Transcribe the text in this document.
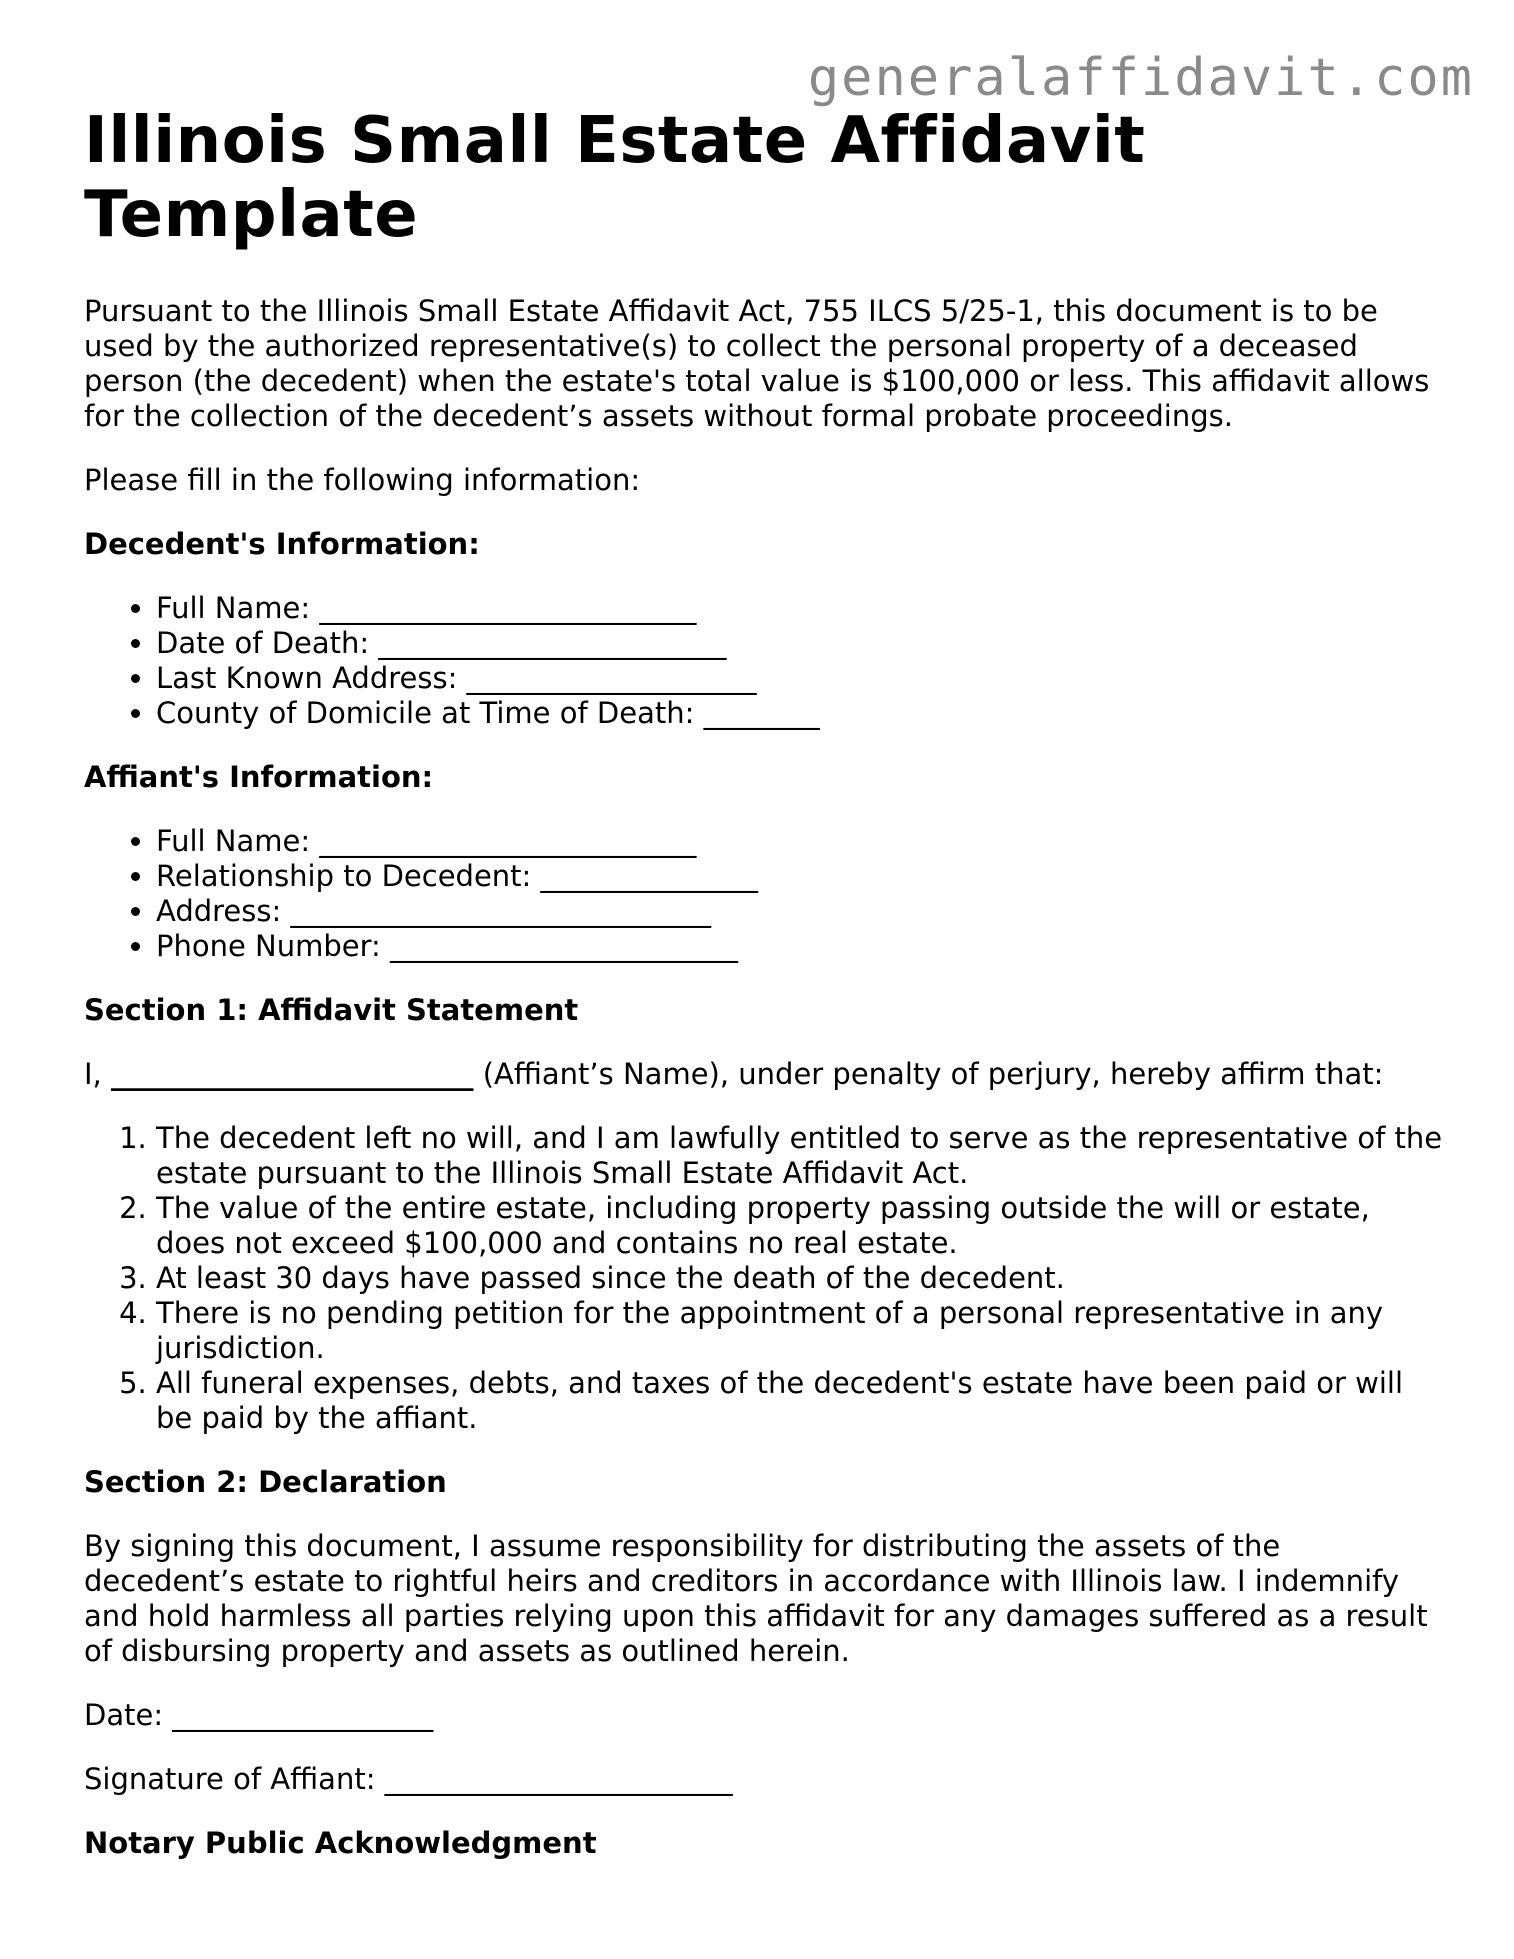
generalaffidavit.com
Illinois Small Estate Affidavit Template

Pursuant to the Illinois Small Estate Affidavit Act, 755 ILCS 5/25-1, this document is to be used by the authorized representative(s) to collect the personal property of a deceased person (the decedent) when the estate's total value is $100,000 or less. This affidavit allows for the collection of the decedent’s assets without formal probate proceedings.

Please fill in the following information:

Decedent's Information:
• Full Name: __________________________
• Date of Death: ________________________
• Last Known Address: ____________________
• County of Domicile at Time of Death: ________
Affiant's Information:
• Full Name: __________________________
• Relationship to Decedent: _______________
• Address: _____________________________
• Phone Number: ________________________
Section 1: Affidavit Statement

I, _________________________ (Affiant’s Name), under penalty of perjury, hereby affirm that:

1. The decedent left no will, and I am lawfully entitled to serve as the representative of the estate pursuant to the Illinois Small Estate Affidavit Act.
2. The value of the entire estate, including property passing outside the will or estate, does not exceed $100,000 and contains no real estate.
3. At least 30 days have passed since the death of the decedent.
4. There is no pending petition for the appointment of a personal representative in any jurisdiction.
5. All funeral expenses, debts, and taxes of the decedent's estate have been paid or will be paid by the affiant.
Section 2: Declaration

By signing this document, I assume responsibility for distributing the assets of the decedent’s estate to rightful heirs and creditors in accordance with Illinois law. I indemnify and hold harmless all parties relying upon this affidavit for any damages suffered as a result of disbursing property and assets as outlined herein.

Date: __________________

Signature of Affiant: ________________________

Notary Public Acknowledgment
